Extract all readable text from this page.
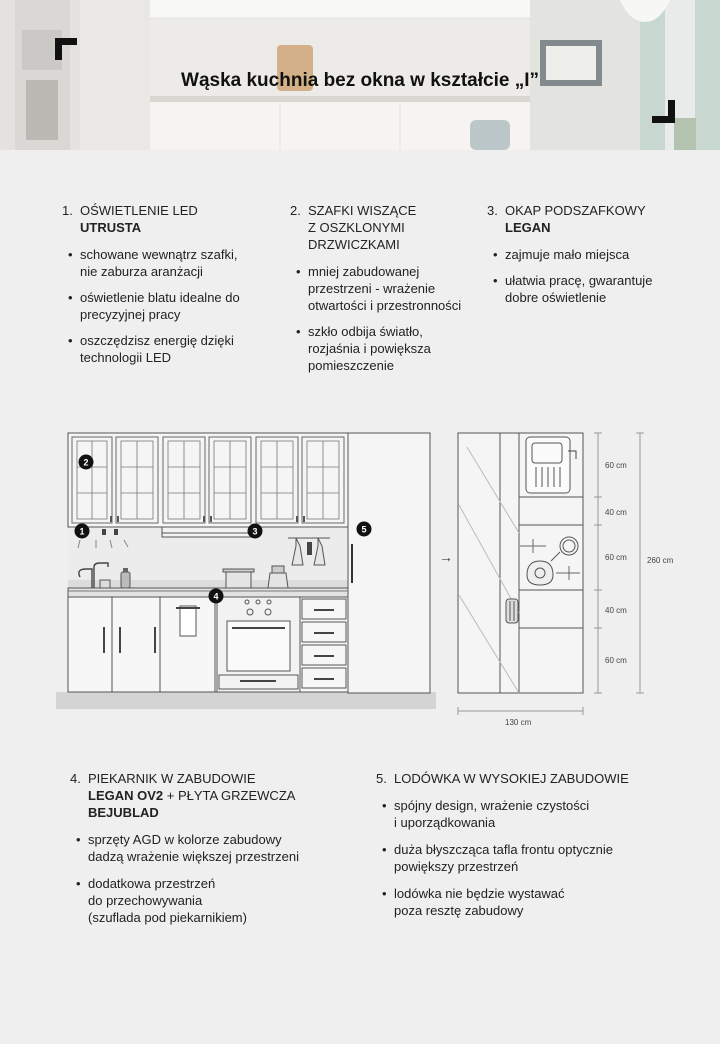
Wąska kuchnia bez okna w kształcie „I”
1. OŚWIETLENIE LED
UTRUSTA
• schowane wewnątrz szafki,
nie zaburza aranżacji
• oświetlenie blatu idealne do
precyzyjnej pracy
• oszczędzisz energię dzięki
technologii LED
2. SZAFKI WISZĄCE
Z OSZKLONYMI
DRZWICZKAMI
• mniej zabudowanej
przestrzeni - wrażenie
otwartości i przestronności
• szkło odbija światło,
rozjaśnia i powiększa
pomieszczenie
3. OKAP PODSZAFKOWY
LEGAN
• zajmuje mało miejsca
• ułatwia pracę, gwarantuje
dobre oświetlenie
→
60 cm
40 cm
60 cm
40 cm
60 cm
260 cm
130 cm
1
2
3
4
5
4. PIEKARNIK W ZABUDOWIE
LEGAN OV2 + PŁYTA GRZEWCZA
BEJUBLAD
• sprzęty AGD w kolorze zabudowy
dadzą wrażenie większej przestrzeni
• dodatkowa przestrzeń
do przechowywania
(szuflada pod piekarnikiem)
5. LODÓWKA W WYSOKIEJ ZABUDOWIE
• spójny design, wrażenie czystości
i uporządkowania
• duża błyszcząca tafla frontu optycznie
powiększy przestrzeń
• lodówka nie będzie wystawać
poza resztę zabudowy
